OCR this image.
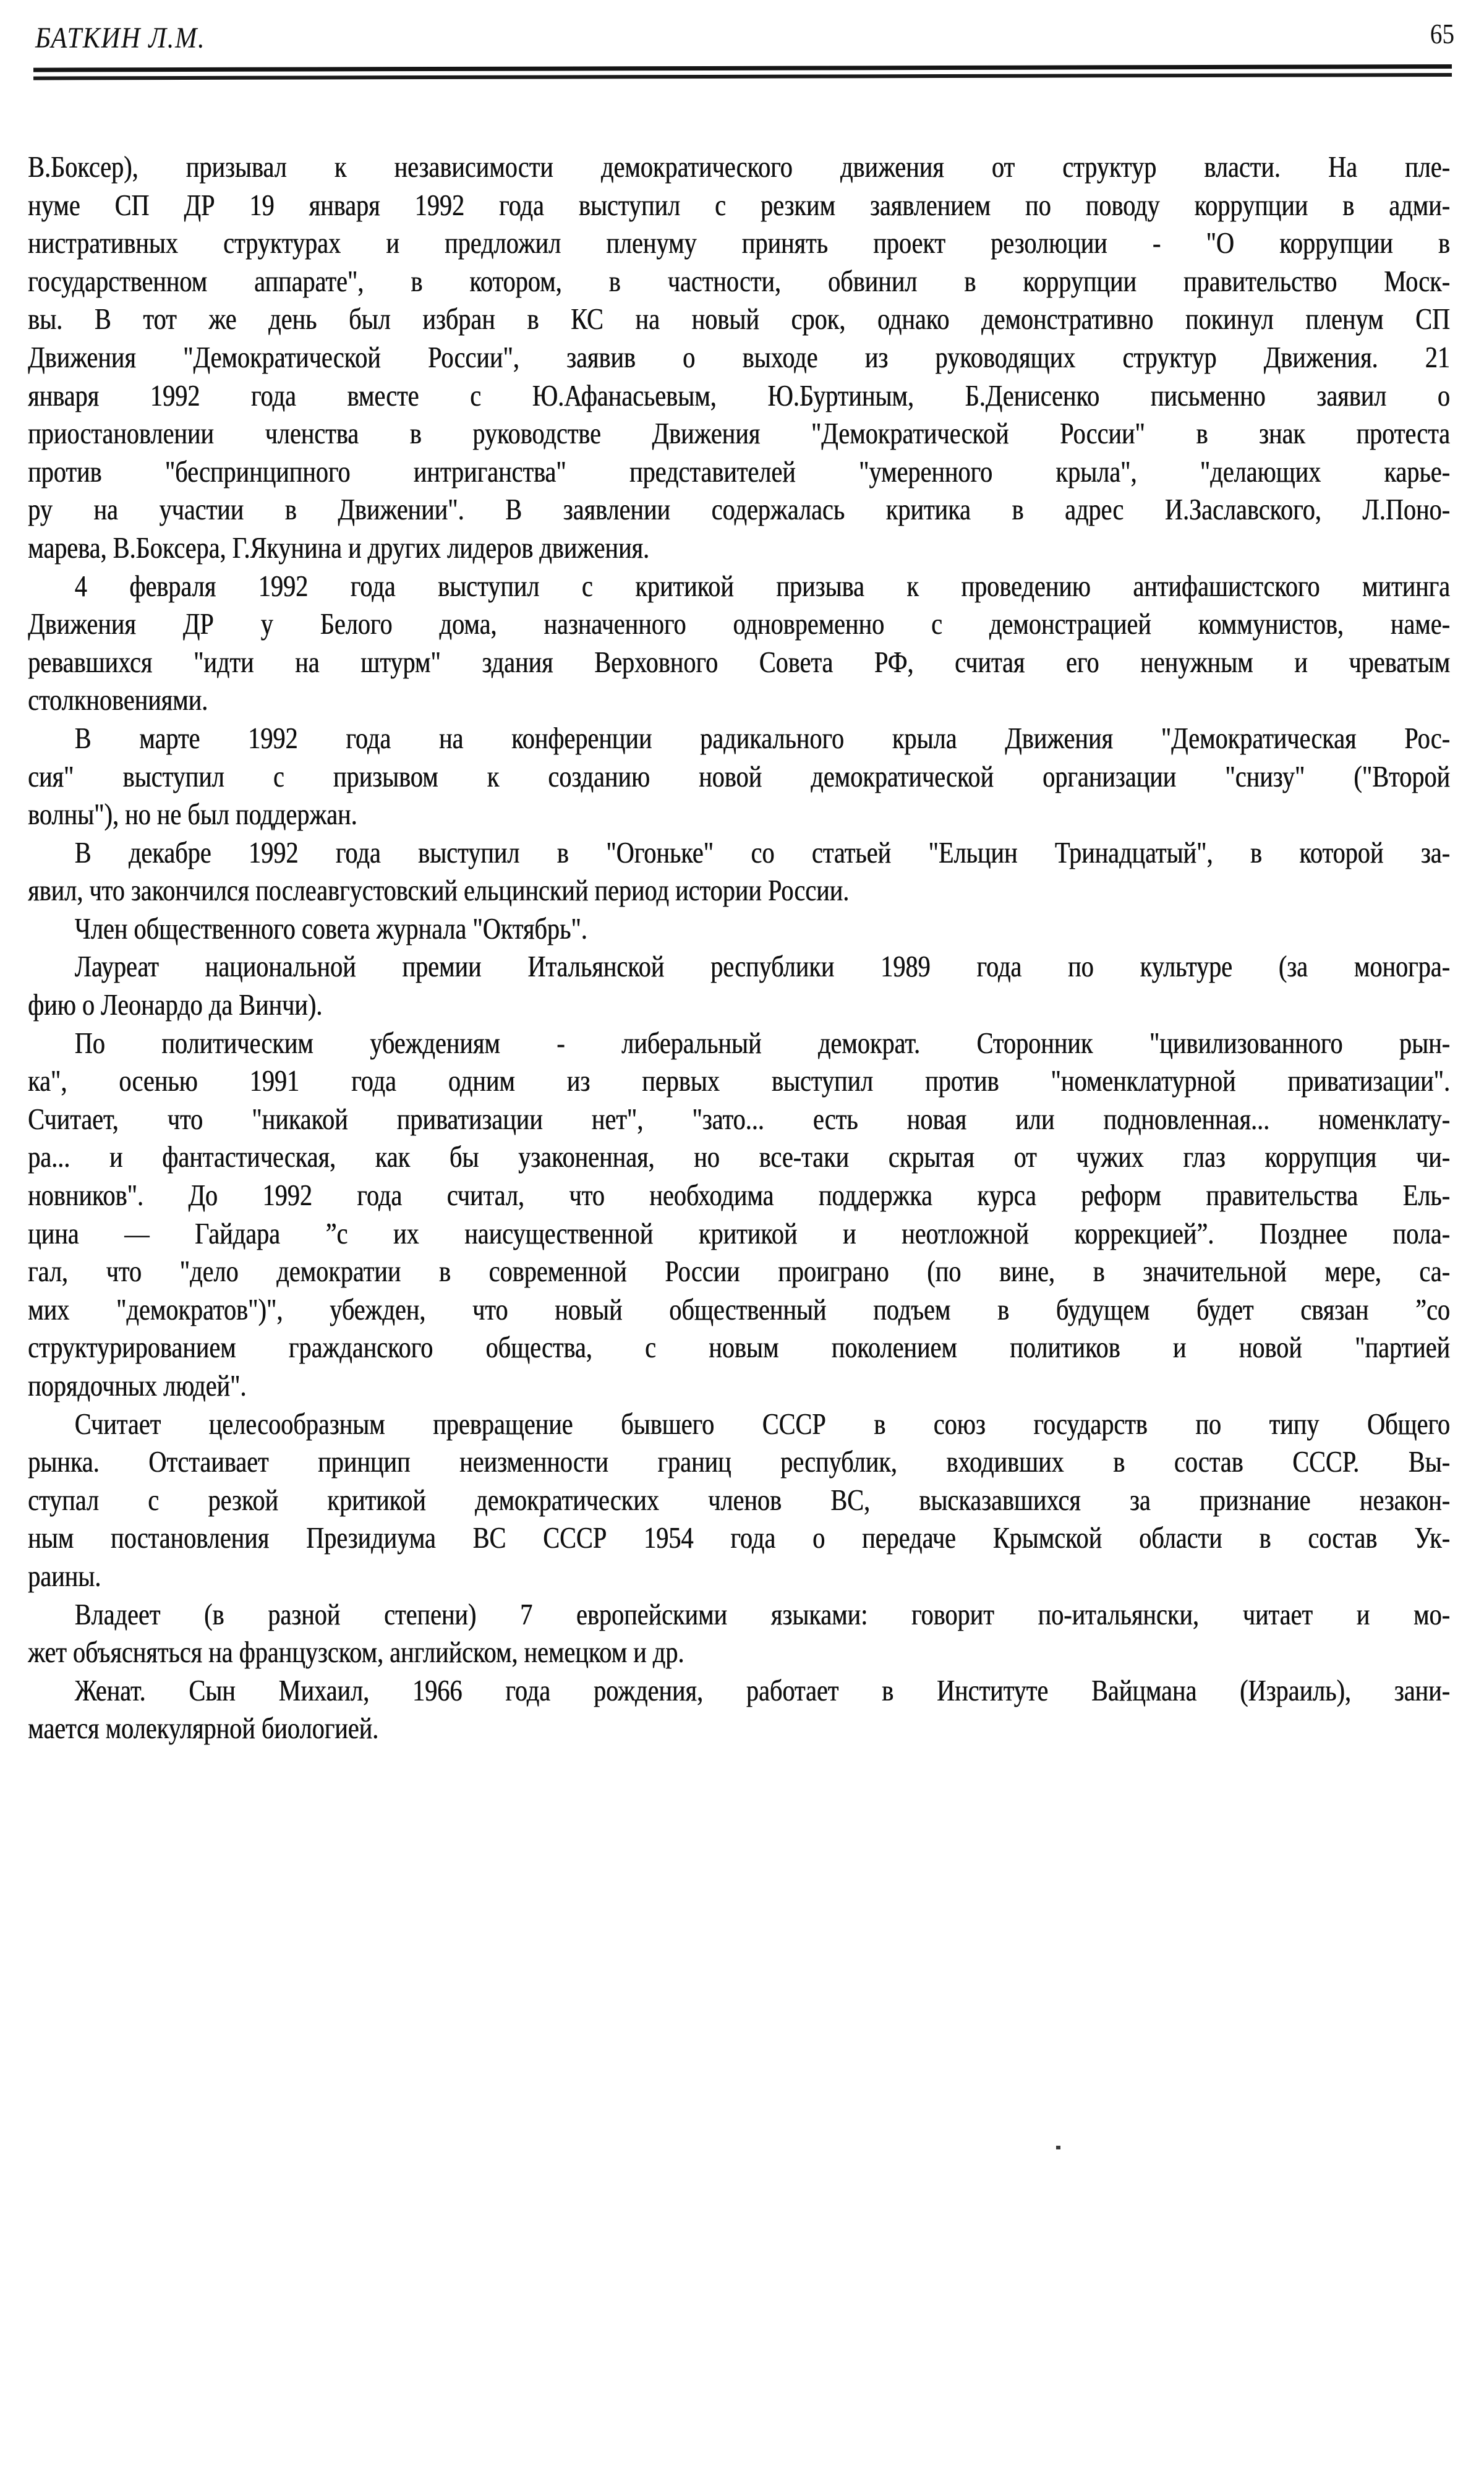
БАТКИН Л.М.	65
В.Боксер), призывал к независимости демократического движения от структур власти. На пле-
нуме СП ДР 19 января 1992 года выступил с резким заявлением по поводу коррупции в адми-
нистративных структурах и предложил пленуму принять проект резолюции - "О коррупции в
государственном аппарате", в котором, в частности, обвинил в коррупции правительство Моск-
вы. В тот же день был избран в КС на новый срок, однако демонстративно покинул пленум СП
Движения "Демократической России", заявив о выходе из руководящих структур Движения. 21
января 1992 года вместе с Ю.Афанасьевым, Ю.Буртиным, Б.Денисенко письменно заявил о
приостановлении членства в руководстве Движения "Демократической России" в знак протеста
против "беспринципного интриганства" представителей "умеренного крыла", "делающих карье-
ру на участии в Движении". В заявлении содержалась критика в адрес И.Заславского, Л.Поно-
марева, В.Боксера, Г.Якунина и других лидеров движения.
4 февраля 1992 года выступил с критикой призыва к проведению антифашистского митинга
Движения ДР у Белого дома, назначенного одновременно с демонстрацией коммунистов, наме-
ревавшихся "идти на штурм" здания Верховного Совета РФ, считая его ненужным и чреватым
столкновениями.
В марте 1992 года на конференции радикального крыла Движения "Демократическая Рос-
сия" выступил с призывом к созданию новой демократической организации "снизу" ("Второй
волны"), но не был поддержан.
В декабре 1992 года выступил в "Огоньке" со статьей "Ельцин Тринадцатый", в которой за-
явил, что закончился послеавгустовский ельцинский период истории России.
Член общественного совета журнала "Октябрь".
Лауреат национальной премии Итальянской республики 1989 года по культуре (за моногра-
фию о Леонардо да Винчи).
По политическим убеждениям - либеральный демократ. Сторонник "цивилизованного рын-
ка", осенью 1991 года одним из первых выступил против "номенклатурной приватизации".
Считает, что "никакой приватизации нет", "зато... есть новая или подновленная... номенклату-
ра... и фантастическая, как бы узаконенная, но все-таки скрытая от чужих глаз коррупция чи-
новников". До 1992 года считал, что необходима поддержка курса реформ правительства Ель-
цина — Гайдара ”с их наисущественной критикой и неотложной коррекцией”. Позднее пола-
гал, что "дело демократии в современной России проиграно (по вине, в значительной мере, са-
мих "демократов")", убежден, что новый общественный подъем в будущем будет связан ”со
структурированием гражданского общества, с новым поколением политиков и новой "партией
порядочных людей".
Считает целесообразным превращение бывшего СССР в союз государств по типу Общего
рынка. Отстаивает принцип неизменности границ республик, входивших в состав СССР. Вы-
ступал с резкой критикой демократических членов ВС, высказавшихся за признание незакон-
ным постановления Президиума ВС СССР 1954 года о передаче Крымской области в состав Ук-
раины.
Владеет (в разной степени) 7 европейскими языками: говорит по-итальянски, читает и мо-
жет объясняться на французском, английском, немецком и др.
Женат. Сын Михаил, 1966 года рождения, работает в Институте Вайцмана (Израиль), зани-
мается молекулярной биологией.
